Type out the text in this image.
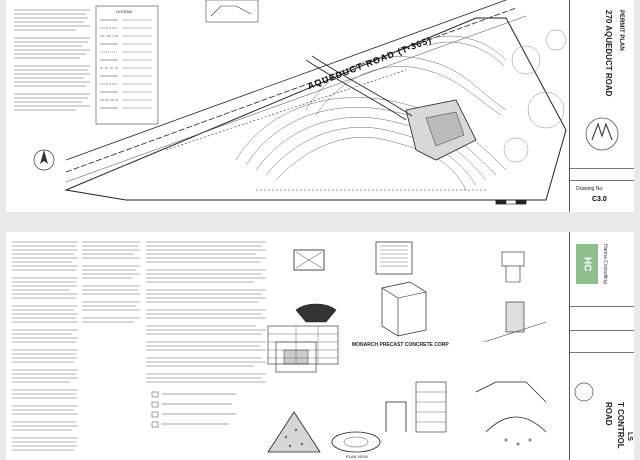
AQUEDUCT ROAD (T-365)
LEGEND	270 AQUEDUCT ROAD PERMIT PLAN
Drawing No.
C3.0
MONARCH PRECAST CONCRETE CORP
PLAN VIEW
HC	Hanna Consulting
ROAD T CONTROL LS
